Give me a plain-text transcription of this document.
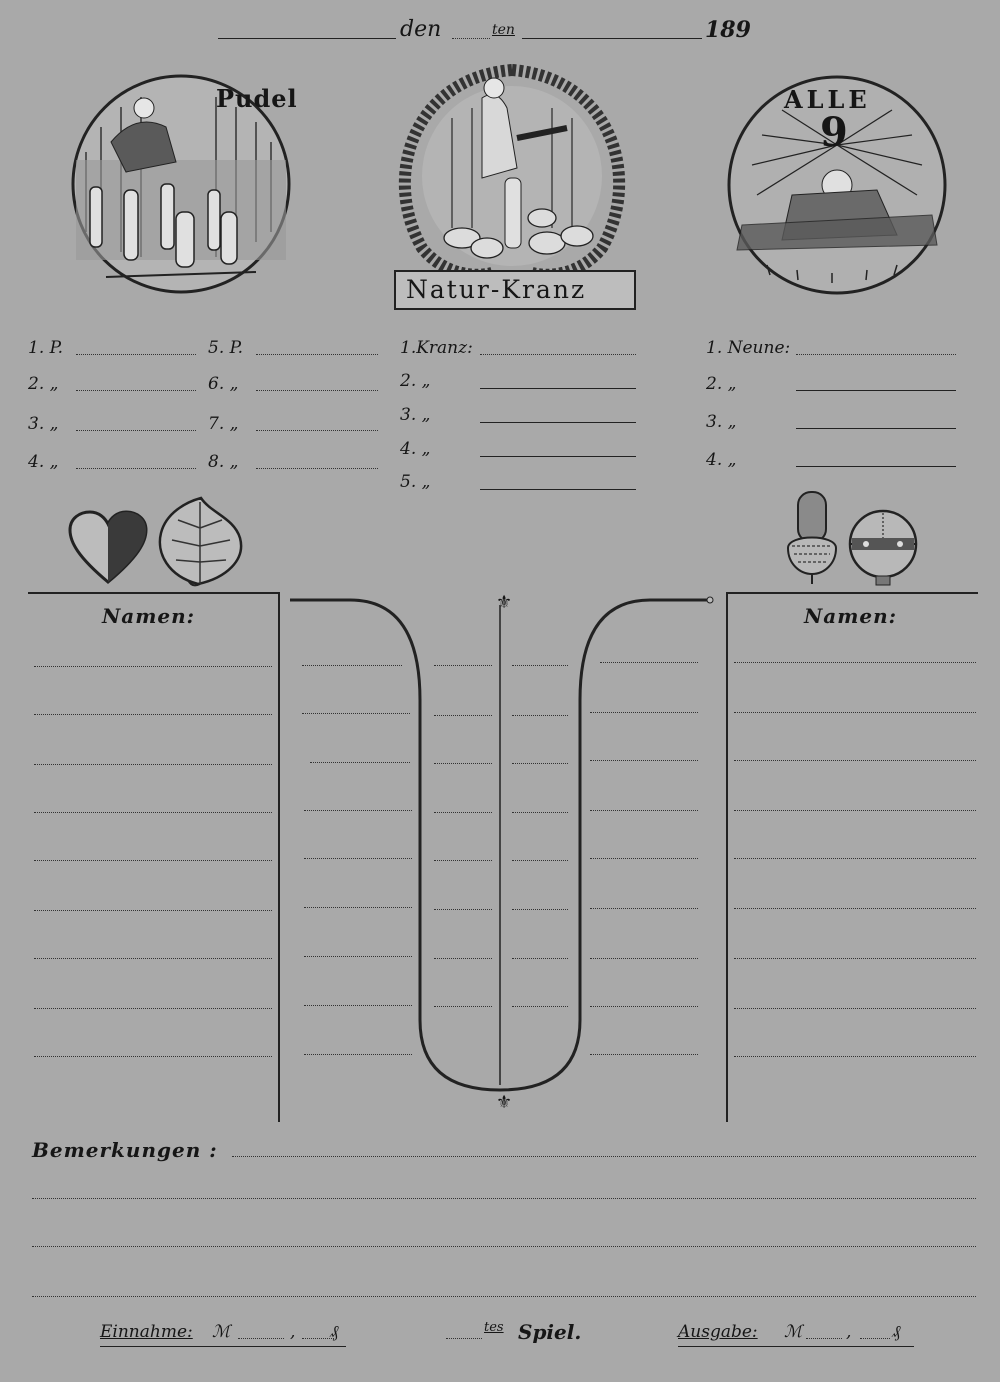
den	ten	189
Pudel
Natur-Kranz
ALLE
9
1. P.
2. „
3. „
4. „
5. P.
6. „
7. „
8. „
1.Kranz:
2. „
3. „
4. „
5. „
1. Neune:
2. „
3. „
4. „
Namen:	Namen:
⚜
⚜
Bemerkungen :
Einnahme: ℳ	, ₰	tes Spiel.	Ausgabe: ℳ	, ₰
